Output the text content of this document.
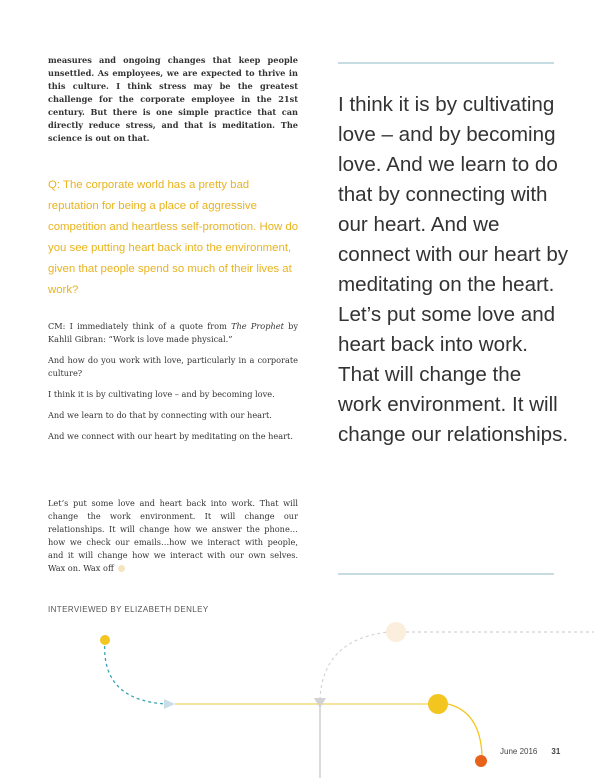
measures and ongoing changes that keep people unsettled. As employees, we are expected to thrive in this culture. I think stress may be the greatest challenge for the corporate employee in the 21st century. But there is one simple practice that can directly reduce stress, and that is meditation. The science is out on that.

Q: The corporate world has a pretty bad reputation for being a place of aggressive competition and heartless self-promotion. How do you see putting heart back into the environment, given that people spend so much of their lives at work?

CM: I immediately think of a quote from The Prophet by Kahlil Gibran: “Work is love made physical.”

And how do you work with love, particularly in a corporate culture?

I think it is by cultivating love – and by becoming love.

And we learn to do that by connecting with our heart.

And we connect with our heart by meditating on the heart.

Let’s put some love and heart back into work. That will change the work environment. It will change our relationships. It will change how we answer the phone… how we check our emails…how we interact with people, and it will change how we interact with our own selves. Wax on. Wax off

INTERVIEWED BY ELIZABETH DENLEY

I think it is by cultivating love – and by becoming love. And we learn to do that by connecting with our heart. And we connect with our heart by meditating on the heart. Let’s put some love and heart back into work. That will change the work environment. It will change our relationships.

June 2016 31
